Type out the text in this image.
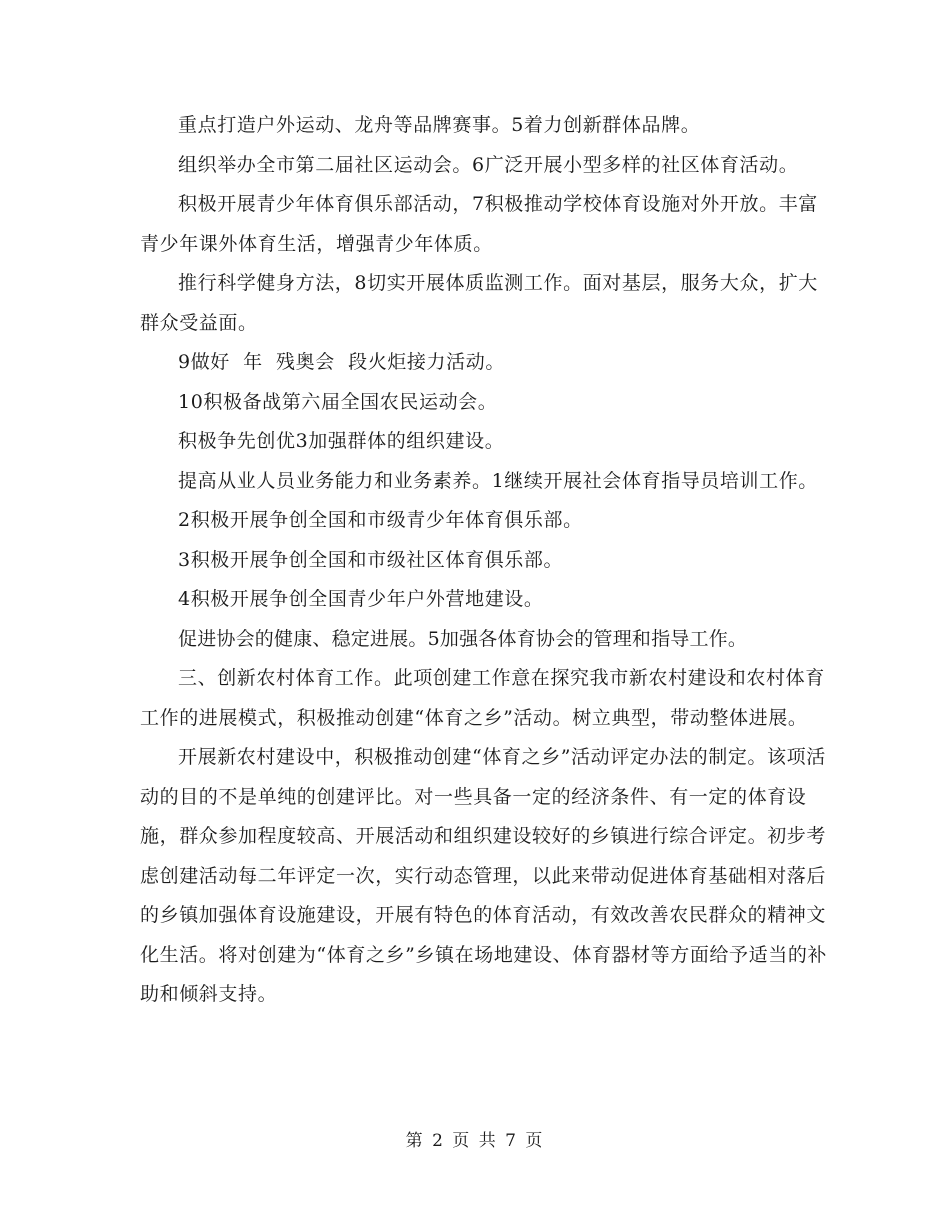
重点打造户外运动、龙舟等品牌赛事。5着力创新群体品牌。

组织举办全市第二届社区运动会。6广泛开展小型多样的社区体育活动。

积极开展青少年体育俱乐部活动，7积极推动学校体育设施对外开放。丰富青少年课外体育生活，增强青少年体质。

推行科学健身方法，8切实开展体质监测工作。面对基层，服务大众，扩大群众受益面。

9做好  年  残奥会  段火炬接力活动。

10积极备战第六届全国农民运动会。

积极争先创优3加强群体的组织建设。

提高从业人员业务能力和业务素养。1继续开展社会体育指导员培训工作。

2积极开展争创全国和市级青少年体育俱乐部。

3积极开展争创全国和市级社区体育俱乐部。

4积极开展争创全国青少年户外营地建设。

促进协会的健康、稳定进展。5加强各体育协会的管理和指导工作。

三、创新农村体育工作。此项创建工作意在探究我市新农村建设和农村体育工作的进展模式，积极推动创建“体育之乡”活动。树立典型，带动整体进展。

开展新农村建设中，积极推动创建“体育之乡”活动评定办法的制定。该项活动的目的不是单纯的创建评比。对一些具备一定的经济条件、有一定的体育设施，群众参加程度较高、开展活动和组织建设较好的乡镇进行综合评定。初步考虑创建活动每二年评定一次，实行动态管理，以此来带动促进体育基础相对落后的乡镇加强体育设施建设，开展有特色的体育活动，有效改善农民群众的精神文化生活。将对创建为“体育之乡”乡镇在场地建设、体育器材等方面给予适当的补助和倾斜支持。

第 2 页 共 7 页
